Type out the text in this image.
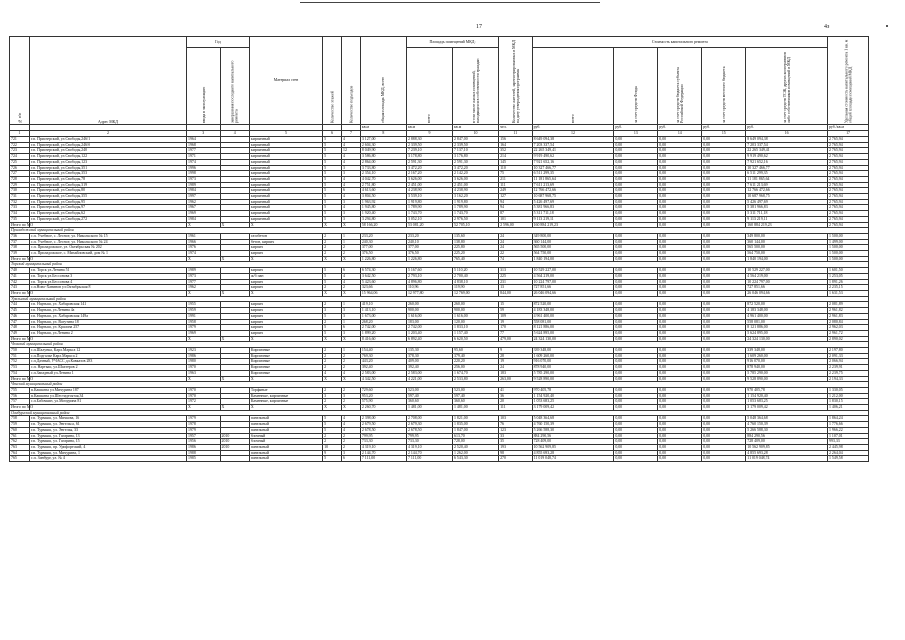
17	4з
№ п/п	Адрес МКД	Год		Материал стен	Количество этажей	Количество подъездов	общая площадь МКД, всего	Площадь помещений МКД:		Количество жителей, зарегистрированных в МКД на дату утверждения программы	Стоимость капитального ремонта					Удельная стоимость капитального ремонта 1 кв. м общей площади помещений МКД
		ввода в эксплуатацию	завершения последнего капитального ремонта													
								всего	в том числе жилых помещений, находящихся в собственности граждан		всего	за счет средств Фонда	за счет средств бюджета субъекта Российской Федерации	за счет средств местного бюджета	за счет средств ТСЖ, других кооперативов либо собственников помещений в МКД	
							кв.м	кв.м	кв.м	чел.	руб.	руб.	руб.	руб.	руб.	руб./кв.м
1	2	3	4	5	6	7	8	9	10	11	12	13	14	15	16	17
721	г.п. Приозерский, ул.Свободы,246/1	1964		кирпичный	5	4	3 127,00	2 888,30	2 847,00	156	8 649 094,38	0,00	0,00	0,00	8 649 094,38	2 765,94
722	г.п. Приозерский, ул.Свободы,246/б	1968		кирпичный	5	4	2 604,30	2 339,50	2 339,50	164	7 203 337,54	0,00	0,00	0,00	7 203 337,54	2 765,94
723	г.п. Приозерский, ул.Свободы,240	1977		кирпичный	5	12	8 049,90	7 239,10	7 137,10	352	22 265 349,41	0,00	0,00	0,00	22 265 349,41	2 765,94
724	г.п. Приозерский, ул.Свободы,122	1971		кирпичный	5	4	3 586,80	3 178,80	3 176,80	214	9 919 490,62	0,00	0,00	0,00	9 919 490,62	2 765,94
725	г.п. Приозерский, ул.Свободы,123	1974		кирпичный	5	4	2 864,00	2 591,30	2 591,30	145	7 921 652,16	0,00	0,00	0,00	7 921 652,16	2 765,94
726	г.п. Приозерский, ул.Свободы,351	1996		кирпичный	5	3	3 733,80	3 472,20	3 472,20	110	10 327 466,77	0,00	0,00	0,00	10 327 466,77	2 765,94
727	г.п. Приозерский, ул.Свободы,353	1998		кирпичный	5	3	2 354,10	2 167,20	2 142,20	75	6 511 299,35	0,00	0,00	0,00	6 511 299,35	2 765,94
728	г.п. Приозерский, ул.Свободы,78	1973		кирпичный	5	4	4 042,70	3 626,00	3 626,00	211	11 181 865,64	0,00	0,00	0,00	11 181 865,64	2 765,94
729	г.п. Приозерский, ул.Свободы,319	1989		кирпичный	5	4	2 751,80	2 451,00	2 451,00	111	7 611 213,69	0,00	0,00	0,00	7 611 213,69	2 765,94
730	г.п. Приозерский, ул.Свободы,80	1984		кирпичный	5	6	4 613,60	4 238,90	4 238,90	249	12 766 472,66	0,00	0,00	0,00	12 766 472,66	2 765,94
731	г.п. Приозерский, ул.Свободы,355	1997		кирпичный	5	4	3 804,50	3 539,10	3 162,20	127	10 687 968,75	0,00	0,00	0,00	10 687 968,75	2 765,94
732	г.п. Приозерский, ул.Свободы,95	1962		кирпичный	5	3	1 963,92	1 919,80	1 919,80	94	5 426 497,69	0,00	0,00	0,00	5 426 497,69	2 765,94
733	г.п. Приозерский, ул.Свободы,97	1967		кирпичный	5	4	1 945,80	1 789,90	1 789,90	94	5 381 966,83	0,00	0,00	0,00	5 381 966,83	2 765,94
734	г.п. Приозерский, ул.Свободы,62	1969		кирпичный	5	3	1 920,40	1 743,70	1 743,70	87	5 311 711,18	0,00	0,00	0,00	5 311 711,18	2 765,94
735	г.п. Приозерский, ул.Свободы,272	1984		кирпичный	5	3	3 294,80	3 052,10	2 976,50	101	9 113 219,11	0,00	0,00	0,00	9 113 219,11	2 765,94
Итого по МО		X	X	X	X	X	58 166,20	53 081,20	52 705,10	2 596,00	160 884 219,23	0,00	0,00	0,00	160 884 219,23	2 765,94
Приладожский муниципальный район																
736	с.п. Учебное, с. Лесное, ул. Никольского № 15	1961		газобетон	2	1	233,20	233,20	135,60	24	349 800,00	0,00	0,00	0,00	349 800,00	1 500,00
737	с.п. Учебное, с. Лесное, ул. Никольского № 24	1966		бетон, кирпич	2	1	240,30	240,10	138,80	24	360 144,00	0,00	0,00	0,00	360 144,00	1 499,00
738	с.п. Приладожское, ул. Октябрьская № 202	1976		кирпич	2	2	377,00	377,00	225,80	24	565 500,00	0,00	0,00	0,00	565 500,00	1 500,00
739	с.п. Приладожское, с. Михайловский, дом № 1	1974		кирпич	2	2	376,50	376,50	225,20	22	564 750,00	0,00	0,00	0,00	564 750,00	1 500,00
Итого по МО		X	X	X	X	X	1 226,80	1 226,80	765,40	74	1 840 194,00	0,00	0,00	0,00	1 840 194,00	1 500,00
Торский муниципальный район																
740	г.п. Торск ул.Ленина 51	1989		кирпич	5	6	6 574,30	5 167,60	5 110,20	313	10 529 227,00	0,00	0,00	0,00	10 529 227,00	1 601,50
741	г.п. Торск ул.Бессонова 3	1973		ж/б пан	5	4	3 642,50	2 793,10	2 700,40	225	4 564 219,00	0,00	0,00	0,00	4 564 219,00	1 253,05
742	г.п. Торск ул.Бессонова 4	1977		кирпич	5	4	5 423,60	4 896,80	4 838,10	231	10 224 797,00	0,00	0,00	0,00	10 224 797,00	1 891,26
743	с.п.Ново-Ханинов ул.Октябрьская 8	1962		кирпич	2	2	323,66	110,96	119,90	13	727 851,66	0,00	0,00	0,00	727 851,66	2 235,15
Итого по МО		X	X	X	X	X	15 964,06	12 977,80	12 769,00	844,00	26 046 094,66	0,00	0,00	0,00	26 046 094,66	1 631,53
Уральский муниципальный район																
744	г.п. Нартыш, ул. Хабаровская 141	1955		кирпич	2	1	419,10	260,00	260,00	15	872 520,00	0,00	0,00	0,00	872 520,00	2 081,89
745	г.п. Нартыш, ул.Ленина 4а	1959		кирпич	3	3	1 413,10	900,00	900,00	59	4 183 348,00	0,00	0,00	0,00	4 183 348,00	2 961,82
746	г.п. Нартыш, ул. Хабаровская 149а	1991		кирпич	5	3	1 673,00	1 616,00	1 616,00	109	4 961 400,00	0,00	0,00	0,00	4 961 400,00	2 961,83
747	г.п. Нартыш, ул. Вагутина 18	1958		кирпич	2	1	268,20	183,00	120,00	19	558 081,00	0,00	0,00	0,00	558 081,00	2 080,84
748	г.п. Нартыш, ул. Красина 257	1979		кирпич	5	6	2 742,00	2 742,00	1 833,10	170	8 121 886,00	0,00	0,00	0,00	8 121 886,00	2 962,03
749	г.п. Нартыш, ул.Ленина 2	1969		кирпич	5	3	1 899,20	1 203,40	1 157,40	77	5 624 895,00	0,00	0,00	0,00	5 624 895,00	2 961,72
Итого по МО		X	X	X	X	X	8 416,60	6 892,40	6 620,50	479,00	24 324 130,00	0,00	0,00	0,00	24 324 130,00	2 890,02
Чемский муниципальный район																
750	с.п.Шалунка, Карл.Маркса 12	1923		Кирпичные	2	1	154,40	135,30	95,60	9	339 348,00	0,00	0,00	0,00	339 348,00	2 197,80
751	с.п.Подгалье Карл.Маркса 2	1986		Кирпичные	2	2	769,30	378,30	379,40	28	1 609 260,00	0,00	0,00	0,00	1 609 260,00	2 091,33
752	с.п.Дачный, УЧАСС дл.Кавказов 283	1980		Кирпичные	2	2	443,20	409,00	220,20	19	916 070,00	0,00	0,00	0,00	916 070,00	2 066,94
753	с.п. Нартыш, ул.Шахтеров 2	1970		Кирпичные	2	2	392,40	392,40	256,00	24	878 940,00	0,00	0,00	0,00	878 940,00	2 239,91
754	с.п.Западный ул.Ленина 1	1963		Кирпичные	4	4	2 583,00	2 583,00	1 674,70	183	5 785 290,00	0,00	0,00	0,00	5 785 290,00	2 239,75
Итого по МО		X	X	X	X	X	4 342,50	4 221,00	2 533,80	263,00	9 528 890,00	0,00	0,00	0,00	9 528 890,00	2 194,33
Ченский муниципальный район																
755	п.Кашкаты ул.Мичурина 187	1970		Торфяные	2	2	729,60	523,00	523,00	41	970 405,78	0,00	0,00	0,00	970 405,78	1 330,05
756	п.Кашкаты ул.Шестидесятая,34	1970		Каменные, кирпичные	3	3	953,20	597,40	597,40	36	1 154 920,40	0,00	0,00	0,00	1 154 920,40	1 212,00
757	с.п.Бабочкин, ул.Мичурина 81	1972		Каменные, кирпичные	2	2	575,90	360,60	360,60	20	1 053 683,25	0,00	0,00	0,00	1 053 683,25	1 830,15
Итого по МО		X	X	X	X	X	2 260,70	1 481,00	1 481,00	111	3 179 009,42	0,00	0,00	0,00	3 179 009,42	1 406,21
Олибургский муниципальный район																
758	г.п. Турмыш, ул. Мичкова, 16	1979		панельный	5	4	2 398,00	2 708,00	1 821,00	103	5 048 364,68	0,00	0,00	0,00	5 048 364,68	1 864,24
759	г.п. Турмыш, ул. Энгельса, 61	1978		панельный	5	4	2 679,50	2 679,30	1 835,00	76	4 760 150,39	0,00	0,00	0,00	4 760 150,39	1 776,66
760	г.п. Турмыш, ул. Энгелья, 33	1979		панельный	5	4	2 678,50	2 678,50	1 847,00	123	5 266 588,30	0,00	0,00	0,00	5 266 588,30	1 966,22
761	г.п. Турмыш, ул. Гагарина, 13	1957	2010	блочный	2	2	799,95	799,95	613,70	33	884 290,56	0,00	0,00	0,00	884 290,56	1 107,01
762	г.п. Турмыш, ул. Гагарина, 15	1956	2010	блочный	2	2	733,30	733,30	728,00	35	728 409,00	0,00	0,00	0,00	728 409,00	993,33
763	г.п. Турмыш, пр. Урифортский, 4	1986	2010	панельный	10	2	4 319,10	4 319,10	2 520,40	193	10 562 909,85	0,00	0,00	0,00	10 562 909,85	2 445,98
764	г.п. Турмыш, ул. Мичурина, 1	1988		панельный	9	3	2 144,70	2 144,70	1 262,00	98	4 855 693,28	0,00	0,00	0,00	4 855 693,28	2 264,04
765	с.п. Зинбург, ул. № 4	1985		панельный	5	6	7 111,00	7 111,00	6 543,30	270	11 019 048,74	0,00	0,00	0,00	11 019 048,74	1 549,58
